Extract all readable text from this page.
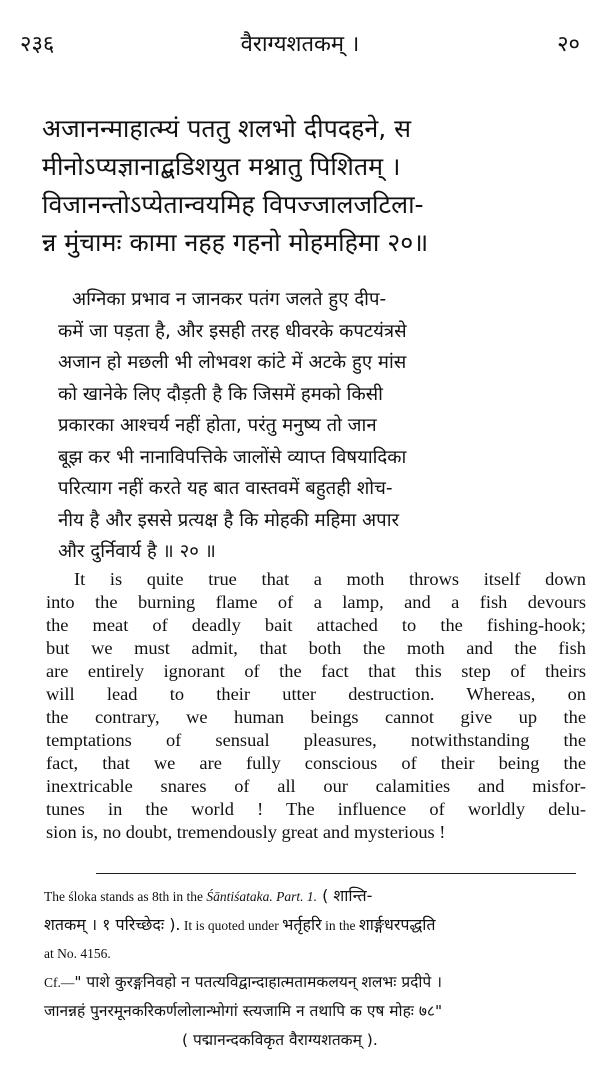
२३६	वैराग्यशतकम् ।	२०
अजानन्माहात्म्यं पततु शलभो दीपदहने, स
मीनोऽप्यज्ञानाद्बडिशयुत मश्नातु पिशितम् ।
विजानन्तोऽप्येतान्वयमिह विपज्जालजटिला-
न्न मुंचामः कामा नहह गहनो मोहमहिमा २०॥
अग्निका प्रभाव न जानकर पतंग जलते हुए दीप-
कमें जा पड़ता है, और इसही तरह धीवरके कपटयंत्रसे
अजान हो मछली भी लोभवश कांटे में अटके हुए मांस
को खानेके लिए दौड़ती है कि जिसमें हमको किसी
प्रकारका आश्चर्य नहीं होता, परंतु मनुष्य तो जान
बूझ कर भी नानाविपत्तिके जालोंसे व्याप्त विषयादिका
परित्याग नहीं करते यह बात वास्तवमें बहुतही शोच-
नीय है और इससे प्रत्यक्ष है कि मोहकी महिमा अपार
और दुर्निवार्य है ॥ २० ॥
It is quite true that a moth throws itself down
into the burning flame of a lamp, and a fish devours
the meat of deadly bait attached to the fishing-hook;
but we must admit, that both the moth and the fish
are entirely ignorant of the fact that this step of theirs
will lead to their utter destruction. Whereas, on
the contrary, we human beings cannot give up the
temptations of sensual pleasures, notwithstanding the
fact, that we are fully conscious of their being the
inextricable snares of all our calamities and misfor-
tunes in the world ! The influence of worldly delu-
sion is, no doubt, tremendously great and mysterious !
The śloka stands as 8th in the Śāntiśataka. Part. 1. ( शान्ति-
शतकम् । १ परिच्छेदः ). It is quoted under भर्तृहरि in the शार्ङ्गधरपद्धति
at No. 4156.
Cf.—" पाशे कुरङ्गनिवहो न पतत्यविद्वान्दाहात्मतामकलयन् शलभः प्रदीपे ।
जानन्नहं पुनरमूनकरिकर्णलोलान्भोगां स्त्यजामि न तथापि क एष मोहः ७८"
( पद्मानन्दकविकृत वैराग्यशतकम् ).
